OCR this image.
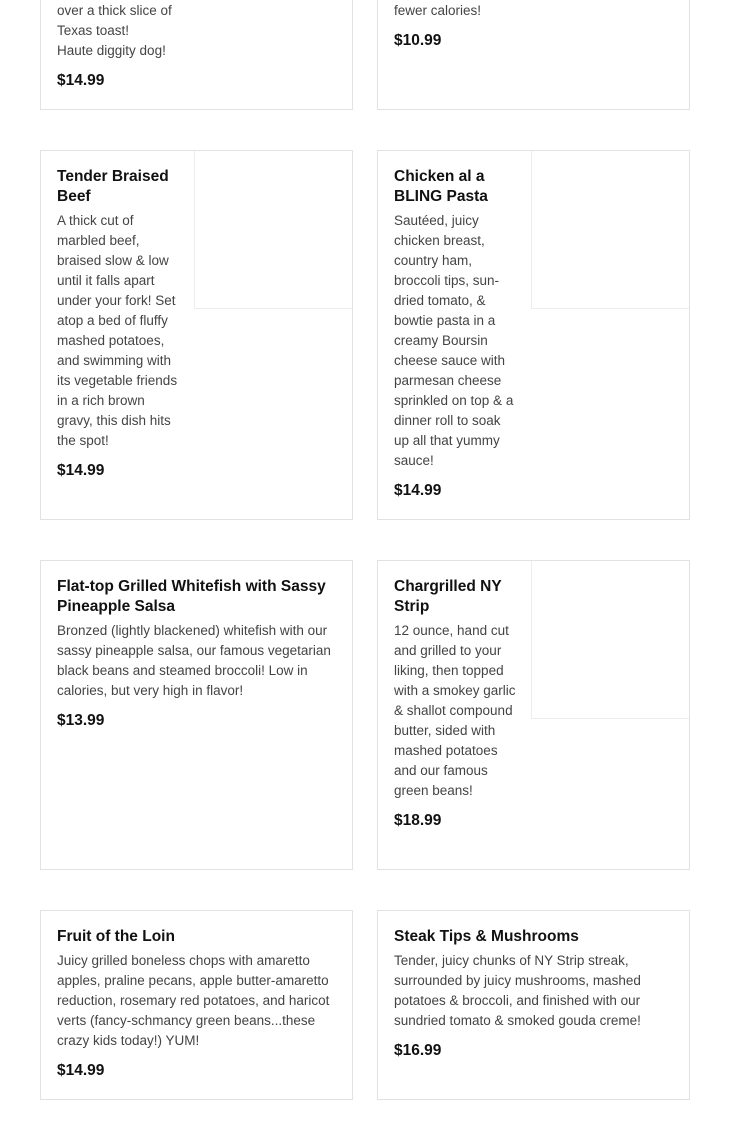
over a thick slice of
Texas toast!
Haute diggity dog!
$14.99
fewer calories!
$10.99
Tender Braised Beef
A thick cut of marbled beef, braised slow & low until it falls apart under your fork! Set atop a bed of fluffy mashed potatoes, and swimming with its vegetable friends in a rich brown gravy, this dish hits the spot!
$14.99
Chicken al a BLING Pasta
Sautéed, juicy chicken breast, country ham, broccoli tips, sun-dried tomato, & bowtie pasta in a creamy Boursin cheese sauce with parmesan cheese sprinkled on top & a dinner roll to soak up all that yummy sauce!
$14.99
Flat-top Grilled Whitefish with Sassy Pineapple Salsa
Bronzed (lightly blackened) whitefish with our sassy pineapple salsa, our famous vegetarian black beans and steamed broccoli! Low in calories, but very high in flavor!
$13.99
Chargrilled NY Strip
12 ounce, hand cut and grilled to your liking, then topped with a smokey garlic & shallot compound butter, sided with mashed potatoes and our famous green beans!
$18.99
Fruit of the Loin
Juicy grilled boneless chops with amaretto apples, praline pecans, apple butter-amaretto reduction, rosemary red potatoes, and haricot verts (fancy-schmancy green beans...these crazy kids today!) YUM!
$14.99
Steak Tips & Mushrooms
Tender, juicy chunks of NY Strip streak, surrounded by juicy mushrooms, mashed potatoes & broccoli, and finished with our sundried tomato & smoked gouda creme!
$16.99
